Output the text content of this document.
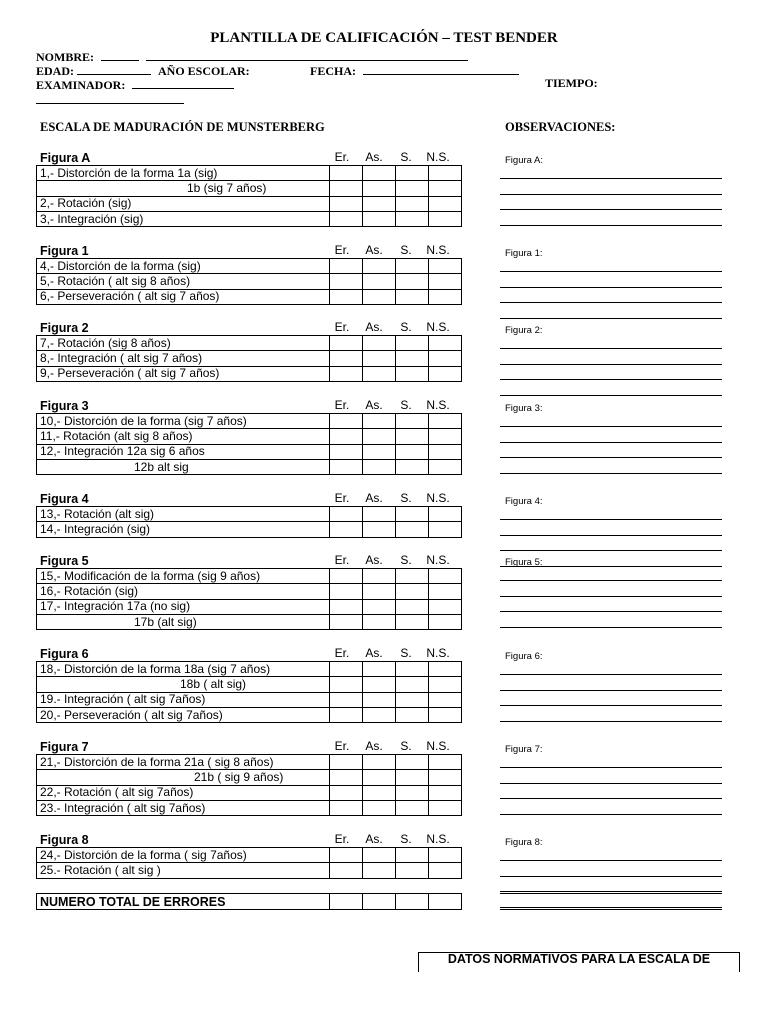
PLANTILLA DE CALIFICACIÓN – TEST BENDER
NOMBRE:
EDAD:	AÑO ESCOLAR:	FECHA:
EXAMINADOR:	TIEMPO:
ESCALA DE MADURACIÓN DE MUNSTERBERG	OBSERVACIONES:
Figura A	Er.	As.	S.	N.S.
1,- Distorción de la forma 1a (sig)				
1b (sig 7 años)				
2,- Rotación (sig)				
3,- Integración (sig)				
Figura 1	Er.	As.	S.	N.S.
4,- Distorción de la forma (sig)				
5,- Rotación ( alt sig 8 años)				
6,- Perseveración ( alt sig 7 años)				
Figura 2	Er.	As.	S.	N.S.
7,- Rotación (sig 8 años)				
8,- Integración ( alt sig 7 años)				
9,- Perseveración ( alt sig 7 años)				
Figura 3	Er.	As.	S.	N.S.
10,- Distorción de la forma (sig 7 años)				
11,- Rotación (alt sig 8 años)				
12,- Integración 12a sig 6 años				
12b alt sig				
Figura 4	Er.	As.	S.	N.S.
13,- Rotación (alt sig)				
14,- Integración (sig)				
Figura 5	Er.	As.	S.	N.S.
15,- Modificación de la forma (sig 9 años)				
16,- Rotación (sig)				
17,- Integración 17a (no sig)				
17b (alt sig)				
Figura 6	Er.	As.	S.	N.S.
18,- Distorción de la forma 18a (sig 7 años)				
18b ( alt sig)				
19.- Integración ( alt sig 7años)				
20,- Perseveración ( alt sig 7años)				
Figura 7	Er.	As.	S.	N.S.
21,- Distorción de la forma 21a ( sig 8 años)				
21b ( sig 9 años)				
22,- Rotación ( alt sig 7años)				
23.- Integración ( alt sig 7años)				
Figura 8	Er.	As.	S.	N.S.
24,- Distorción de la forma ( sig 7años)				
25.- Rotación ( alt sig )				
Figura A:
Figura 1:
Figura 2:
Figura 3:
Figura 4:
Figura 5:
Figura 6:
Figura 7:
Figura 8:
NUMERO TOTAL DE ERRORES				
DATOS NORMATIVOS PARA LA ESCALA DE
